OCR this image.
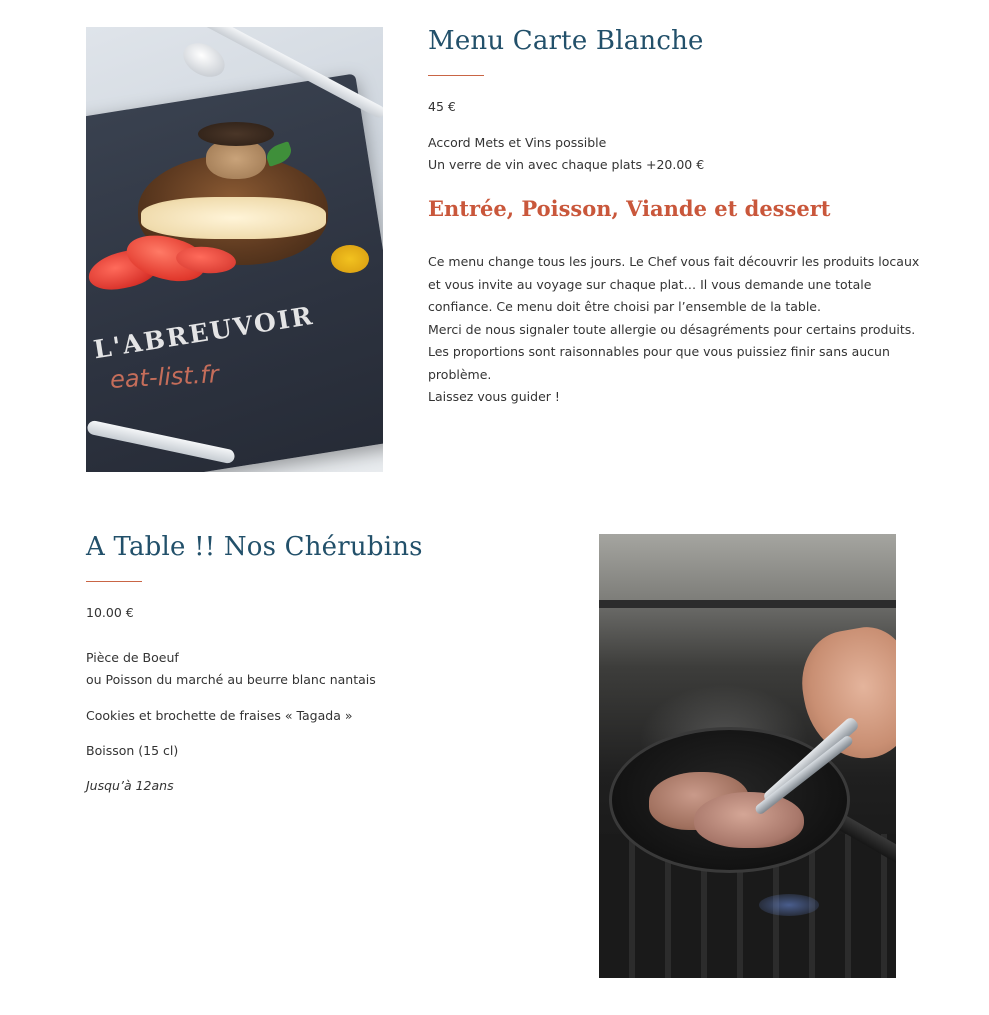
L'ABREUVOIR
eat-list.fr
Menu Carte Blanche

45 €

Accord Mets et Vins possible

Un verre de vin avec chaque plats +20.00 €

Entrée, Poisson, Viande et dessert

Ce menu change tous les jours. Le Chef vous fait découvrir les produits locaux

et vous invite au voyage sur chaque plat… Il vous demande une totale

confiance. Ce menu doit être choisi par l’ensemble de la table.

Merci de nous signaler toute allergie ou désagréments pour certains produits.

Les proportions sont raisonnables pour que vous puissiez finir sans aucun

problème.

Laissez vous guider !

A Table !! Nos Chérubins

10.00 €

Pièce de Boeuf

ou Poisson du marché au beurre blanc nantais

Cookies et brochette de fraises « Tagada »

Boisson (15 cl)

Jusqu’à 12ans
